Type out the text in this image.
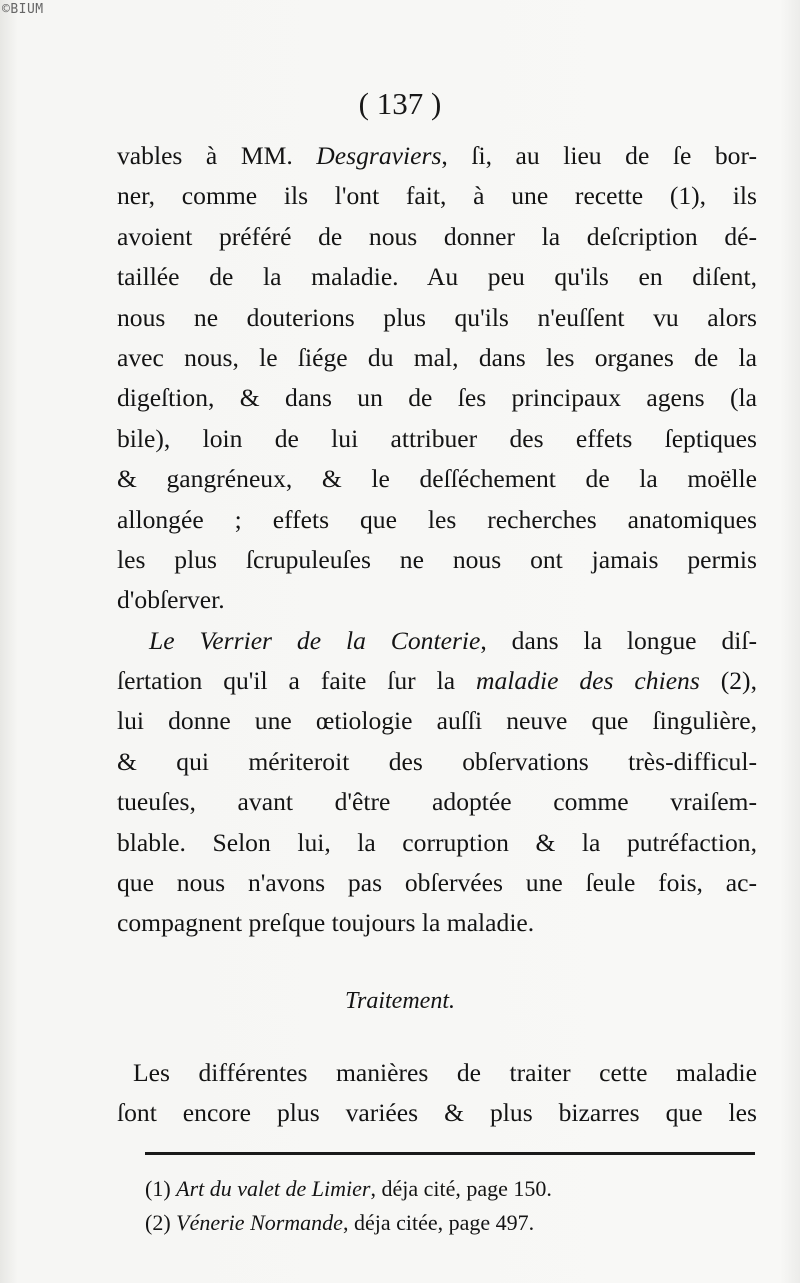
©BIUM
( 137 )
vables à MM. Desgraviers, ſi, au lieu de ſe bor-
ner, comme ils l'ont fait, à une recette (1), ils
avoient préféré de nous donner la deſcription dé-
taillée de la maladie. Au peu qu'ils en diſent,
nous ne douterions plus qu'ils n'euſſent vu alors
avec nous, le ſiége du mal, dans les organes de la
digeſtion, & dans un de ſes principaux agens (la
bile), loin de lui attribuer des effets ſeptiques
& gangréneux, & le deſſéchement de la moëlle
allongée ; effets que les recherches anatomiques
les plus ſcrupuleuſes ne nous ont jamais permis
d'obſerver.
Le Verrier de la Conterie, dans la longue diſ-
ſertation qu'il a faite ſur la maladie des chiens (2),
lui donne une œtiologie auſſi neuve que ſingulière,
& qui mériteroit des obſervations très-difficul-
tueuſes, avant d'être adoptée comme vraiſem-
blable. Selon lui, la corruption & la putréfaction,
que nous n'avons pas obſervées une ſeule fois, ac-
compagnent preſque toujours la maladie.
Traitement.
Les différentes manières de traiter cette maladie
ſont encore plus variées & plus bizarres que les
(1) Art du valet de Limier, déja cité, page 150.
(2) Vénerie Normande, déja citée, page 497.
